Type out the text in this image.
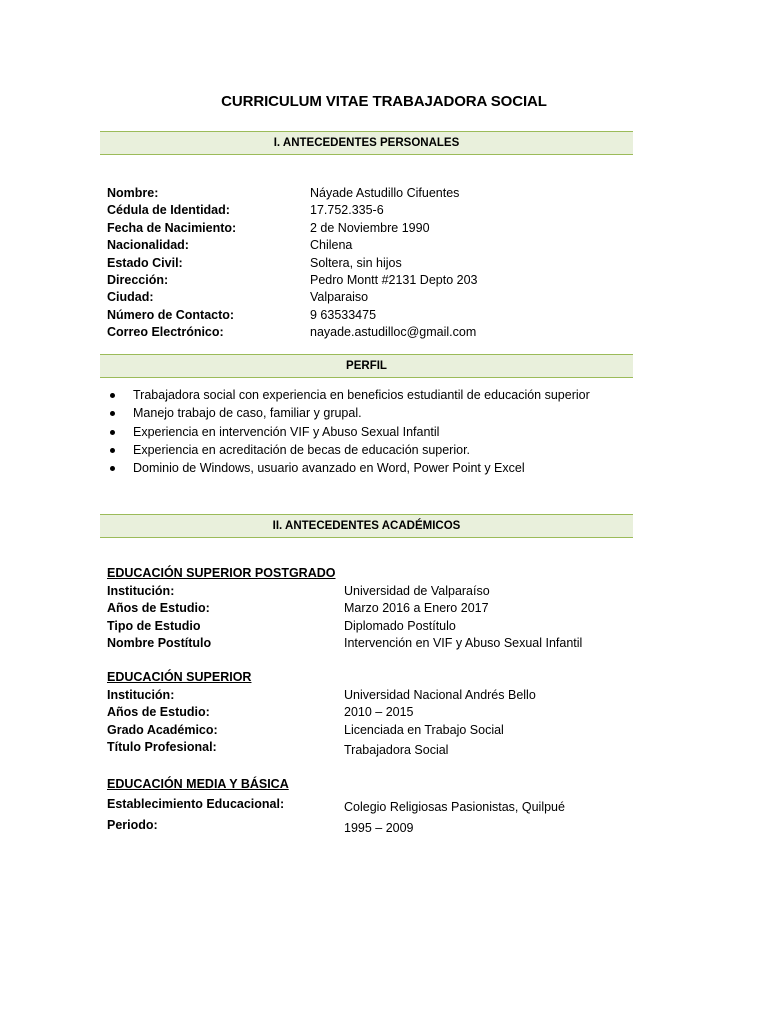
CURRICULUM VITAE TRABAJADORA SOCIAL
I. ANTECEDENTES PERSONALES
Nombre:	Náyade Astudillo Cifuentes
Cédula de Identidad:	17.752.335-6
Fecha de Nacimiento:	2 de Noviembre 1990
Nacionalidad:	Chilena
Estado Civil:	Soltera, sin hijos
Dirección:	Pedro Montt #2131 Depto 203
Ciudad:	Valparaiso
Número de Contacto:	9 63533475
Correo Electrónico:	nayade.astudilloc@gmail.com
PERFIL
Trabajadora social con experiencia en beneficios estudiantil de educación superior
Manejo trabajo de caso, familiar y grupal.
Experiencia en intervención VIF y Abuso Sexual Infantil
Experiencia en acreditación de becas de educación superior.
Dominio de Windows, usuario avanzado en Word, Power Point y Excel
II. ANTECEDENTES ACADÉMICOS
EDUCACIÓN SUPERIOR POSTGRADO
Institución:	Universidad de Valparaíso
Años de Estudio:	Marzo 2016 a Enero 2017
Tipo de Estudio	Diplomado Postítulo
Nombre Postítulo	Intervención en VIF y Abuso Sexual Infantil
EDUCACIÓN SUPERIOR
Institución:	Universidad Nacional Andrés Bello
Años de Estudio:	2010 – 2015
Grado Académico:	Licenciada en Trabajo Social
Título Profesional:	Trabajadora Social
EDUCACIÓN MEDIA Y BÁSICA
Establecimiento Educacional:	Colegio Religiosas Pasionistas, Quilpué
Periodo:	1995 – 2009
